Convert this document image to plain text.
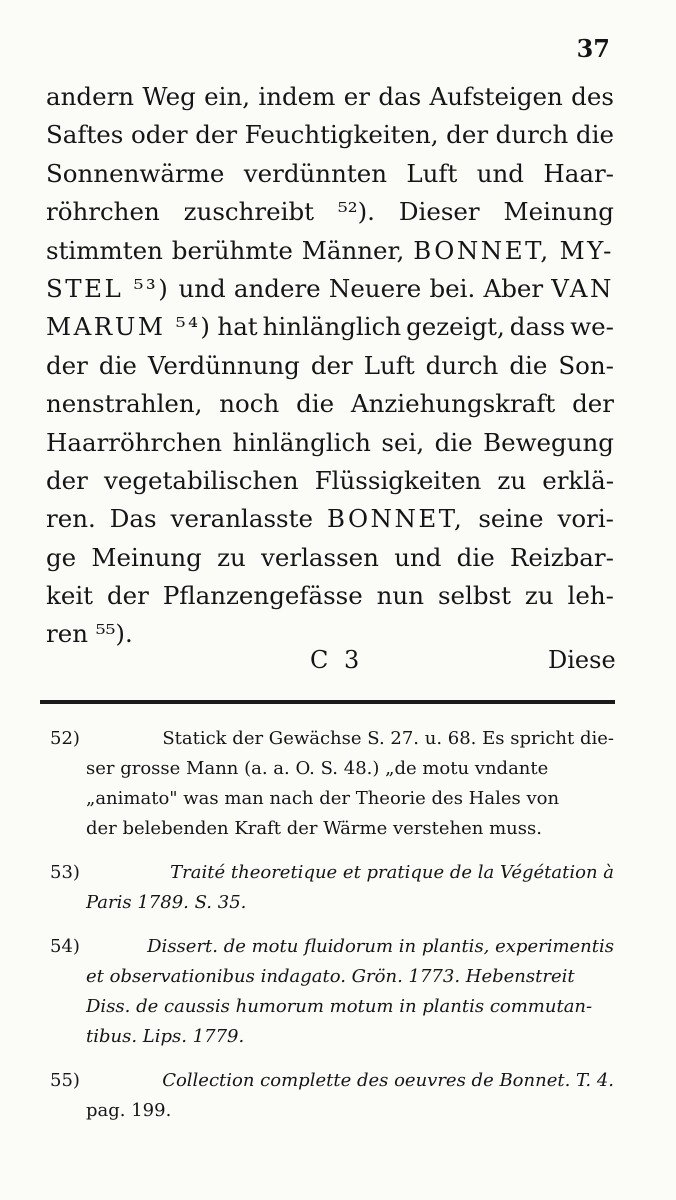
37
andern Weg ein, indem er das Aufsteigen des
Saftes oder der Feuchtigkeiten, der durch die
Sonnenwärme verdünnten Luft und Haar-
röhrchen zuschreibt ⁵²). Dieser Meinung
stimmten berühmte Männer, BONNET, MY-
STEL ⁵³) und andere Neuere bei. Aber VAN
MARUM ⁵⁴) hat hinlänglich gezeigt, dass we-
der die Verdünnung der Luft durch die Son-
nenstrahlen, noch die Anziehungskraft der
Haarröhrchen hinlänglich sei, die Bewegung
der vegetabilischen Flüssigkeiten zu erklä-
ren. Das veranlasste BONNET, seine vori-
ge Meinung zu verlassen und die Reizbar-
keit der Pflanzengefässe nun selbst zu leh-
ren ⁵⁵).
C 3	Diese
52)	Statick der Gewächse S. 27. u. 68. Es spricht die-
ser grosse Mann (a. a. O. S. 48.) „de motu vndante
„animato" was man nach der Theorie des Hales von
der belebenden Kraft der Wärme verstehen muss.
53)	Traité theoretique et pratique de la Végétation à
Paris 1789. S. 35.
54)	Dissert. de motu fluidorum in plantis, experimentis
et observationibus indagato. Grön. 1773. Hebenstreit
Diss. de caussis humorum motum in plantis commutan-
tibus. Lips. 1779.
55)	Collection complette des oeuvres de Bonnet. T. 4.
pag. 199.
